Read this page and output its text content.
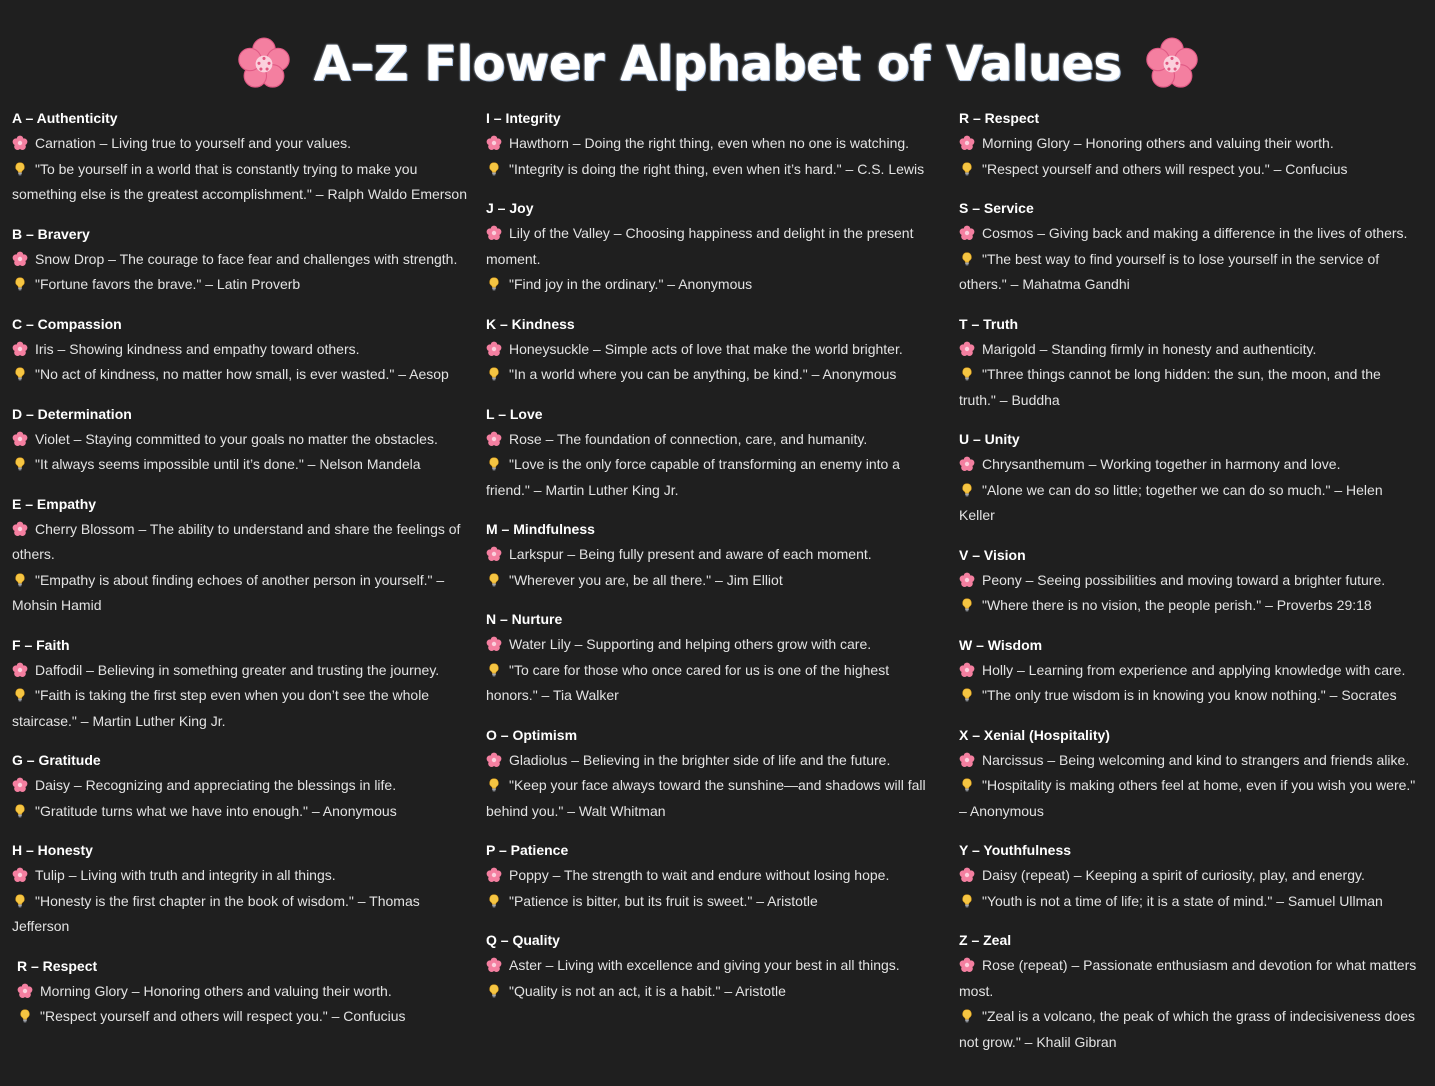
A–Z Flower Alphabet of Values
A – Authenticity
Carnation – Living true to yourself and your values.
"To be yourself in a world that is constantly trying to make you something else is the greatest accomplishment." – Ralph Waldo Emerson
B – Bravery
Snow Drop – The courage to face fear and challenges with strength.
"Fortune favors the brave." – Latin Proverb
C – Compassion
Iris – Showing kindness and empathy toward others.
"No act of kindness, no matter how small, is ever wasted." – Aesop
D – Determination
Violet – Staying committed to your goals no matter the obstacles.
"It always seems impossible until it’s done." – Nelson Mandela
E – Empathy
Cherry Blossom – The ability to understand and share the feelings of others.
"Empathy is about finding echoes of another person in yourself." – Mohsin Hamid
F – Faith
Daffodil – Believing in something greater and trusting the journey.
"Faith is taking the first step even when you don’t see the whole staircase." – Martin Luther King Jr.
G – Gratitude
Daisy – Recognizing and appreciating the blessings in life.
"Gratitude turns what we have into enough." – Anonymous
H – Honesty
Tulip – Living with truth and integrity in all things.
"Honesty is the first chapter in the book of wisdom." – Thomas Jefferson
R – Respect
Morning Glory – Honoring others and valuing their worth.
"Respect yourself and others will respect you." – Confucius
I – Integrity
Hawthorn – Doing the right thing, even when no one is watching.
"Integrity is doing the right thing, even when it’s hard." – C.S. Lewis
J – Joy
Lily of the Valley – Choosing happiness and delight in the present moment.
"Find joy in the ordinary." – Anonymous
K – Kindness
Honeysuckle – Simple acts of love that make the world brighter.
"In a world where you can be anything, be kind." – Anonymous
L – Love
Rose – The foundation of connection, care, and humanity.
"Love is the only force capable of transforming an enemy into a friend." – Martin Luther King Jr.
M – Mindfulness
Larkspur – Being fully present and aware of each moment.
"Wherever you are, be all there." – Jim Elliot
N – Nurture
Water Lily – Supporting and helping others grow with care.
"To care for those who once cared for us is one of the highest honors." – Tia Walker
O – Optimism
Gladiolus – Believing in the brighter side of life and the future.
"Keep your face always toward the sunshine—and shadows will fall behind you." – Walt Whitman
P – Patience
Poppy – The strength to wait and endure without losing hope.
"Patience is bitter, but its fruit is sweet." – Aristotle
Q – Quality
Aster – Living with excellence and giving your best in all things.
"Quality is not an act, it is a habit." – Aristotle
R – Respect
Morning Glory – Honoring others and valuing their worth.
"Respect yourself and others will respect you." – Confucius
S – Service
Cosmos – Giving back and making a difference in the lives of others.
"The best way to find yourself is to lose yourself in the service of others." – Mahatma Gandhi
T – Truth
Marigold – Standing firmly in honesty and authenticity.
"Three things cannot be long hidden: the sun, the moon, and the truth." – Buddha
U – Unity
Chrysanthemum – Working together in harmony and love.
"Alone we can do so little; together we can do so much." – Helen Keller
V – Vision
Peony – Seeing possibilities and moving toward a brighter future.
"Where there is no vision, the people perish." – Proverbs 29:18
W – Wisdom
Holly – Learning from experience and applying knowledge with care.
"The only true wisdom is in knowing you know nothing." – Socrates
X – Xenial (Hospitality)
Narcissus – Being welcoming and kind to strangers and friends alike.
"Hospitality is making others feel at home, even if you wish you were." – Anonymous
Y – Youthfulness
Daisy (repeat) – Keeping a spirit of curiosity, play, and energy.
"Youth is not a time of life; it is a state of mind." – Samuel Ullman
Z – Zeal
Rose (repeat) – Passionate enthusiasm and devotion for what matters most.
"Zeal is a volcano, the peak of which the grass of indecisiveness does not grow." – Khalil Gibran
